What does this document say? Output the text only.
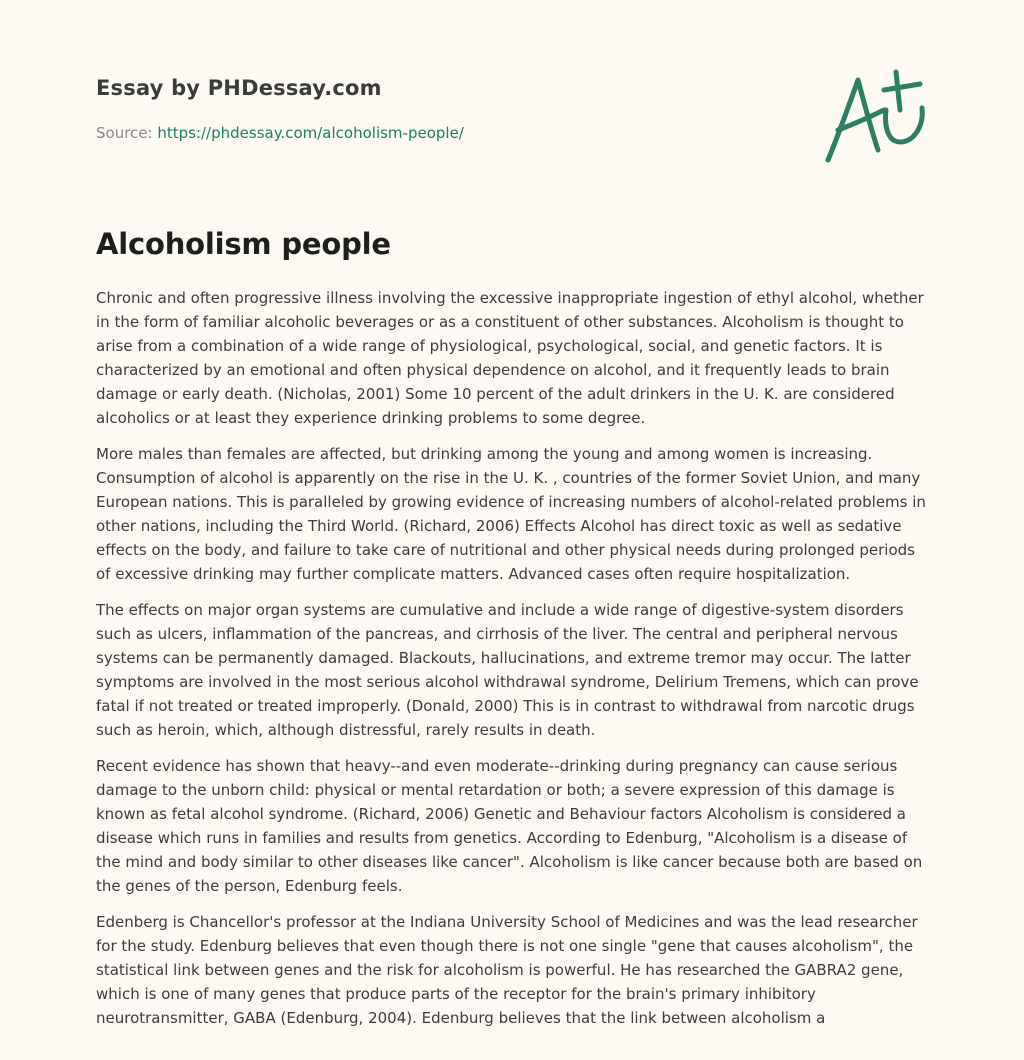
Essay by PHDessay.com
Source: https://phdessay.com/alcoholism-people/
Alcoholism people

Chronic and often progressive illness involving the excessive inappropriate ingestion of ethyl alcohol, whether in the form of familiar alcoholic beverages or as a constituent of other substances. Alcoholism is thought to arise from a combination of a wide range of physiological, psychological, social, and genetic factors. It is characterized by an emotional and often physical dependence on alcohol, and it frequently leads to brain damage or early death. (Nicholas, 2001) Some 10 percent of the adult drinkers in the U. K. are considered alcoholics or at least they experience drinking problems to some degree.

More males than females are affected, but drinking among the young and among women is increasing. Consumption of alcohol is apparently on the rise in the U. K. , countries of the former Soviet Union, and many European nations. This is paralleled by growing evidence of increasing numbers of alcohol-related problems in other nations, including the Third World. (Richard, 2006) Effects Alcohol has direct toxic as well as sedative effects on the body, and failure to take care of nutritional and other physical needs during prolonged periods of excessive drinking may further complicate matters. Advanced cases often require hospitalization.

The effects on major organ systems are cumulative and include a wide range of digestive-system disorders such as ulcers, inflammation of the pancreas, and cirrhosis of the liver. The central and peripheral nervous systems can be permanently damaged. Blackouts, hallucinations, and extreme tremor may occur. The latter symptoms are involved in the most serious alcohol withdrawal syndrome, Delirium Tremens, which can prove fatal if not treated or treated improperly. (Donald, 2000) This is in contrast to withdrawal from narcotic drugs such as heroin, which, although distressful, rarely results in death.

Recent evidence has shown that heavy--and even moderate--drinking during pregnancy can cause serious damage to the unborn child: physical or mental retardation or both; a severe expression of this damage is known as fetal alcohol syndrome. (Richard, 2006) Genetic and Behaviour factors Alcoholism is considered a disease which runs in families and results from genetics. According to Edenburg, "Alcoholism is a disease of the mind and body similar to other diseases like cancer". Alcoholism is like cancer because both are based on the genes of the person, Edenburg feels.

Edenberg is Chancellor's professor at the Indiana University School of Medicines and was the lead researcher for the study. Edenburg believes that even though there is not one single "gene that causes alcoholism", the statistical link between genes and the risk for alcoholism is powerful. He has researched the GABRA2 gene, which is one of many genes that produce parts of the receptor for the brain's primary inhibitory neurotransmitter, GABA (Edenburg, 2004). Edenburg believes that the link between alcoholism a
